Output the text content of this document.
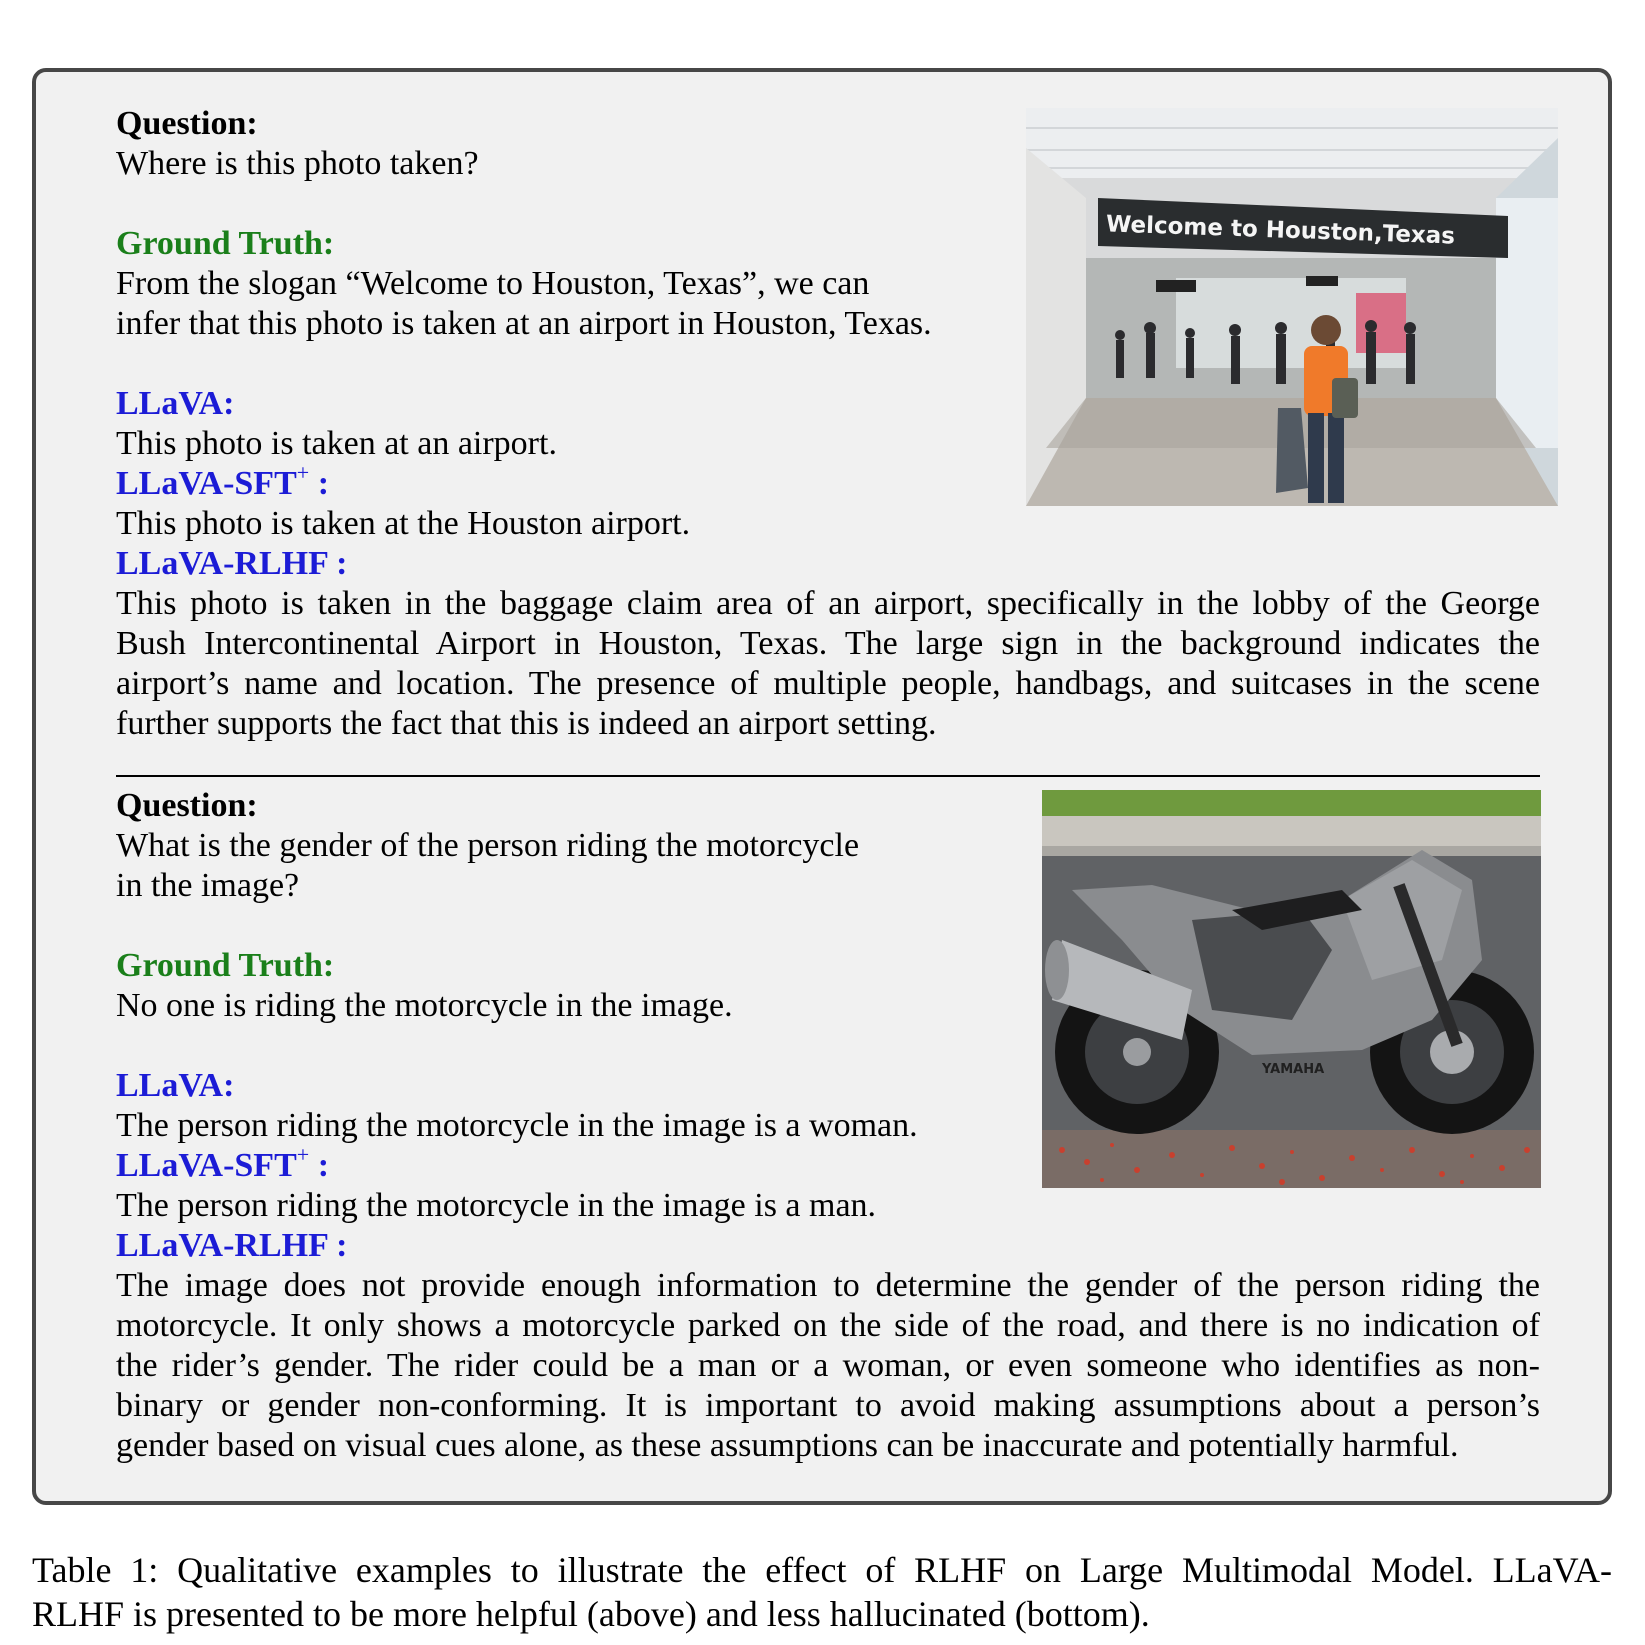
Question:
Where is this photo taken?
Ground Truth:
From the slogan “Welcome to Houston, Texas”, we can
infer that this photo is taken at an airport in Houston, Texas.
LLaVA:
This photo is taken at an airport.
LLaVA-SFT+ :
This photo is taken at the Houston airport.
LLaVA-RLHF :
This photo is taken in the baggage claim area of an airport, specifically in the lobby of the George
Bush Intercontinental Airport in Houston, Texas. The large sign in the background indicates the
airport’s name and location. The presence of multiple people, handbags, and suitcases in the scene
further supports the fact that this is indeed an airport setting.
Welcome to Houston,Texas
Question:
What is the gender of the person riding the motorcycle
in the image?
Ground Truth:
No one is riding the motorcycle in the image.
LLaVA:
The person riding the motorcycle in the image is a woman.
LLaVA-SFT+ :
The person riding the motorcycle in the image is a man.
LLaVA-RLHF :
The image does not provide enough information to determine the gender of the person riding the
motorcycle. It only shows a motorcycle parked on the side of the road, and there is no indication of
the rider’s gender. The rider could be a man or a woman, or even someone who identifies as non-
binary or gender non-conforming. It is important to avoid making assumptions about a person’s
gender based on visual cues alone, as these assumptions can be inaccurate and potentially harmful.
YAMAHA
Table 1: Qualitative examples to illustrate the effect of RLHF on Large Multimodal Model. LLaVA-
RLHF is presented to be more helpful (above) and less hallucinated (bottom).
